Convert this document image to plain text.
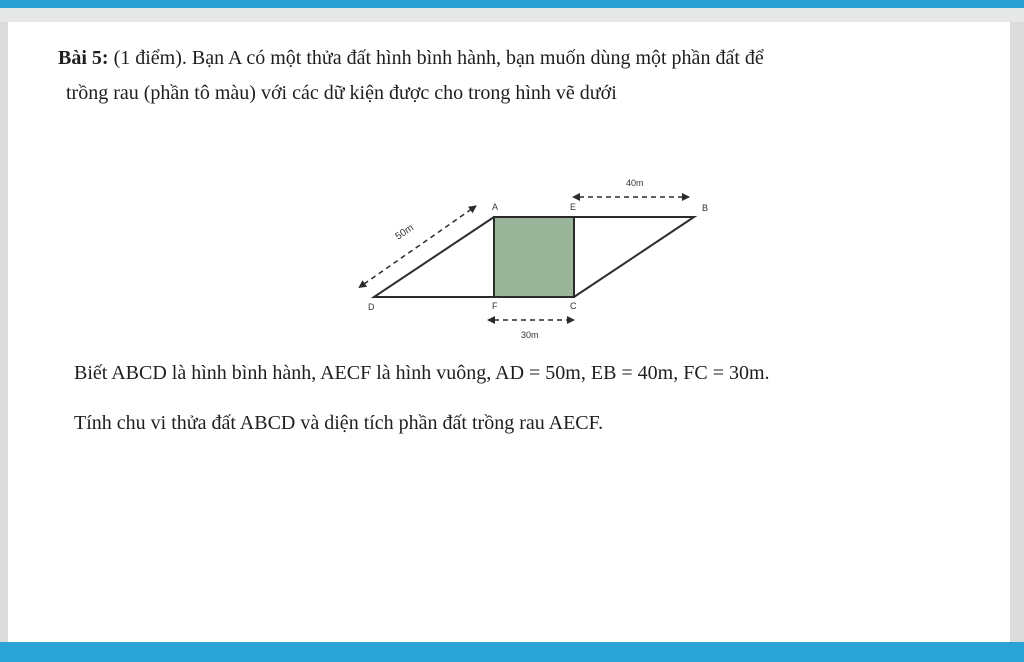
Bài 5: (1 điểm). Bạn A có một thửa đất hình bình hành, bạn muốn dùng một phần đất để
trồng rau (phần tô màu) với các dữ kiện được cho trong hình vẽ dưới
50m
40m
30m
A	E	B
D	F	C
Biết ABCD là hình bình hành, AECF là hình vuông, AD = 50m, EB = 40m, FC = 30m.
Tính chu vi thửa đất ABCD và diện tích phần đất trồng rau AECF.
